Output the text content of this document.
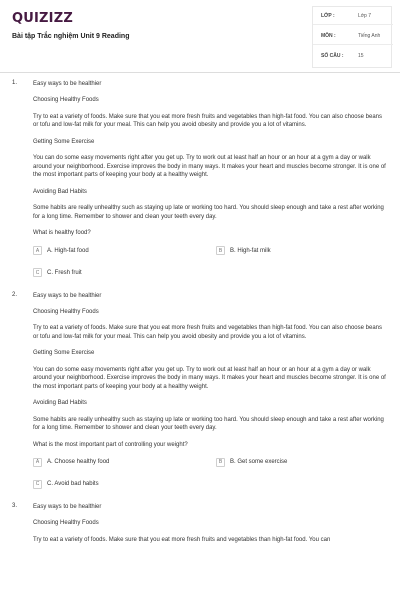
QUIZIZZ
Bài tập Trắc nghiệm Unit 9 Reading
LỚP :	Lớp 7
MÔN :	Tiếng Anh
SỐ CÂU :	15
1.	Easy ways to be healthier

Choosing Healthy Foods

Try to eat a variety of foods. Make sure that you eat more fresh fruits and vegetables than high-fat food. You can also choose beans or tofu and low-fat milk for your meal. This can help you avoid obesity and provide you a lot of vitamins.

Getting Some Exercise

You can do some easy movements right after you get up. Try to work out at least half an hour or an hour at a gym a day or walk around your neighborhood. Exercise improves the body in many ways. It makes your heart and muscles become stronger. It is one of the most important parts of keeping your body at a healthy weight.

Avoiding Bad Habits

Some habits are really unhealthy such as staying up late or working too hard. You should sleep enough and take a rest after working for a long time. Remember to shower and clean your teeth every day.

What is healthy food?

A	A. High-fat food	B	B. High-fat milk
C	C. Fresh fruit
2.	Easy ways to be healthier

Choosing Healthy Foods

Try to eat a variety of foods. Make sure that you eat more fresh fruits and vegetables than high-fat food. You can also choose beans or tofu and low-fat milk for your meal. This can help you avoid obesity and provide you a lot of vitamins.

Getting Some Exercise

You can do some easy movements right after you get up. Try to work out at least half an hour or an hour at a gym a day or walk around your neighborhood. Exercise improves the body in many ways. It makes your heart and muscles become stronger. It is one of the most important parts of keeping your body at a healthy weight.

Avoiding Bad Habits

Some habits are really unhealthy such as staying up late or working too hard. You should sleep enough and take a rest after working for a long time. Remember to shower and clean your teeth every day.

What is the most important part of controlling your weight?

A	A. Choose healthy food	B	B. Get some exercise
C	C. Avoid bad habits
3.	Easy ways to be healthier

Choosing Healthy Foods

Try to eat a variety of foods. Make sure that you eat more fresh fruits and vegetables than high-fat food. You can
